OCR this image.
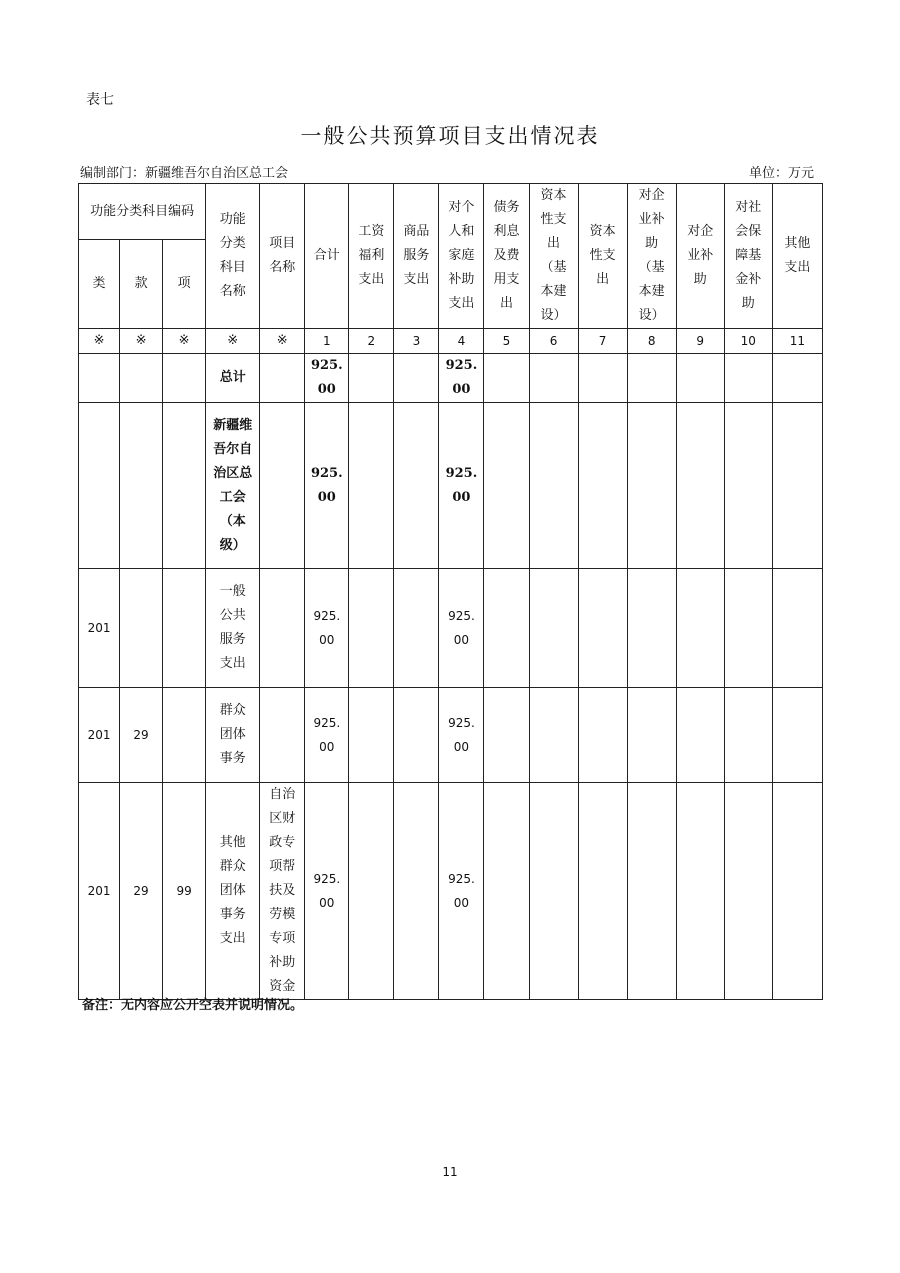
表七
一般公共预算项目支出情况表
编制部门：新疆维吾尔自治区总工会	单位：万元
功能分类科目编码			功能分类科目名称	项目名称	合计	工资福利支出	商品服务支出	对个人和家庭补助支出	债务利息及费用支出	资本性支出（基本建设）	资本性支出	对企业补助（基本建设）	对企业补助	对社会保障基金补助	其他支出

类	款	项													
※	※	※	※	※	1	2	3	4	5	6	7	8	9	10	11

			总计		925.00			925.00							

			新疆维吾尔自治区总工会（本级）		925.00			925.00							

201			一般公共服务支出		925.00			925.00							

201	29		群众团体事务		925.00			925.00							

201	29	99	其他群众团体事务支出	自治区财政专项帮扶及劳模专项补助资金	925.00			925.00							

备注：无内容应公开空表并说明情况。
11
